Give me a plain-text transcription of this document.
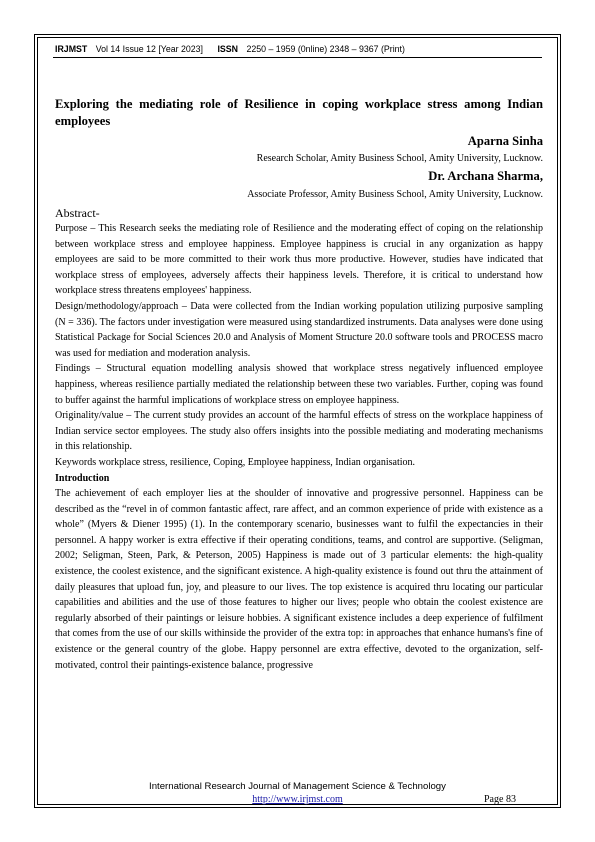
IRJMST Vol 14 Issue 12 [Year 2023] ISSN 2250 – 1959 (0nline) 2348 – 9367 (Print)
Exploring the mediating role of Resilience in coping workplace stress among Indian employees
Aparna Sinha
Research Scholar, Amity Business School, Amity University, Lucknow.
Dr. Archana Sharma,
Associate Professor, Amity Business School, Amity University, Lucknow.
Abstract-

Purpose – This Research seeks the mediating role of Resilience and the moderating effect of coping on the relationship between workplace stress and employee happiness. Employee happiness is crucial in any organization as happy employees are said to be more committed to their work thus more productive. However, studies have indicated that workplace stress of employees, adversely affects their happiness levels. Therefore, it is critical to understand how workplace stress threatens employees' happiness.

Design/methodology/approach – Data were collected from the Indian working population utilizing purposive sampling (N = 336). The factors under investigation were measured using standardized instruments. Data analyses were done using Statistical Package for Social Sciences 20.0 and Analysis of Moment Structure 20.0 software tools and PROCESS macro was used for mediation and moderation analysis.

Findings – Structural equation modelling analysis showed that workplace stress negatively influenced employee happiness, whereas resilience partially mediated the relationship between these two variables. Further, coping was found to buffer against the harmful implications of workplace stress on employee happiness.

Originality/value – The current study provides an account of the harmful effects of stress on the workplace happiness of Indian service sector employees. The study also offers insights into the possible mediating and moderating mechanisms in this relationship.

Keywords workplace stress, resilience, Coping, Employee happiness, Indian organisation.

Introduction

The achievement of each employer lies at the shoulder of innovative and progressive personnel. Happiness can be described as the “revel in of common fantastic affect, rare affect, and an common experience of pride with existence as a whole” (Myers & Diener 1995) (1). In the contemporary scenario, businesses want to fulfil the expectancies in their personnel. A happy worker is extra effective if their operating conditions, teams, and control are supportive. (Seligman, 2002; Seligman, Steen, Park, & Peterson, 2005) Happiness is made out of 3 particular elements: the high-quality existence, the coolest existence, and the significant existence. A high-quality existence is found out thru the attainment of daily pleasures that upload fun, joy, and pleasure to our lives. The top existence is acquired thru locating our particular capabilities and abilities and the use of those features to higher our lives; people who obtain the coolest existence are regularly absorbed of their paintings or leisure hobbies. A significant existence includes a deep experience of fulfilment that comes from the use of our skills withinside the provider of the extra top: in approaches that enhance humans's fine of existence or the general country of the globe. Happy personnel are extra effective, devoted to the organization, self-motivated, control their paintings-existence balance, progressive

International Research Journal of Management Science & Technology
http://www.irjmst.com	Page 83
